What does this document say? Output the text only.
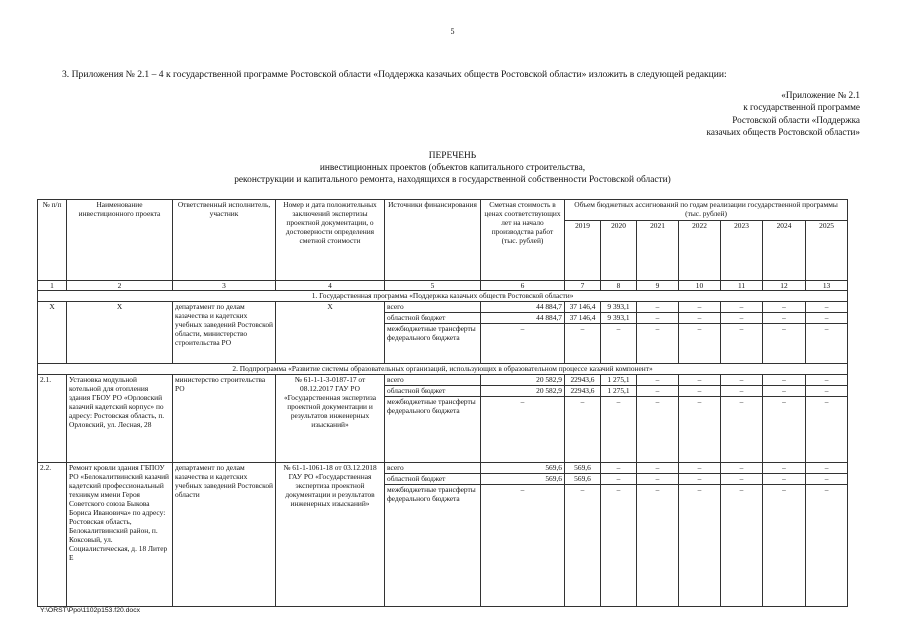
5
3. Приложения № 2.1 – 4 к государственной программе Ростовской области «Поддержка казачьих обществ Ростовской области» изложить в следующей редакции:
«Приложение № 2.1
к государственной программе
Ростовской области «Поддержка
казачьих обществ Ростовской области»
ПЕРЕЧЕНЬ
инвестиционных проектов (объектов капитального строительства,
реконструкции и капитального ремонта, находящихся в государственной собственности Ростовской области)
№ п/п	Наименование инвестиционного проекта	Ответственный исполнитель, участник	Номер и дата положительных заключений экспертизы проектной документации, о достоверности определения сметной стоимости	Источники финансирования	Сметная стоимость в ценах соответствующих лет на начало производства работ (тыс. рублей)	Объем бюджетных ассигнований по годам реализации государственной программы (тыс. рублей)						
						2019	2020	2021	2022	2023	2024	2025
1	2	3	4	5	6	7	8	9	10	11	12	13
1. Государственная программа «Поддержка казачьих обществ Ростовской области»												
Х	Х	департамент по делам казачества и кадетских учебных заведений Ростовской области, министерство строительства РО	Х	всего	44 884,7	37 146,4	9 393,1	–	–	–	–	–
				областной бюджет	44 884,7	37 146,4	9 393,1	–	–	–	–	–
				межбюджетные трансферты федерального бюджета	–	–	–	–	–	–	–	–
2. Подпрограмма «Развитие системы образовательных организаций, использующих в образовательном процессе казачий компонент»												
2.1.	Установка модульной котельной для отопления здания ГБОУ РО «Орловский казачий кадетский корпус» по адресу: Ростовская область, п. Орловский, ул. Лесная, 28	министерство строительства РО	№ 61-1-1-3-0187-17 от 08.12.2017 ГАУ РО «Государственная экспертиза проектной документации и результатов инженерных изысканий»	всего	20 582,9	22943,6	1 275,1	–	–	–	–	–
				областной бюджет	20 582,9	22943,6	1 275,1	–	–	–	–	–
				межбюджетные трансферты федерального бюджета	–	–	–	–	–	–	–	–
2.2.	Ремонт кровли здания ГБПОУ РО «Белокалитвинский казачий кадетский профессиональный техникум имени Героя Советского союза Быкова Бориса Ивановича» по адресу: Ростовская область, Белокалитвинский район, п. Коксовый, ул. Социалистическая, д. 18 Литер Е	департамент по делам казачества и кадетских учебных заведений Ростовской области	№ 61-1-1061-18 от 03.12.2018 ГАУ РО «Государственная экспертиза проектной документации и результатов инженерных изысканий»	всего	569,6	569,6	–	–	–	–	–	–
				областной бюджет	569,6	569,6	–	–	–	–	–	–
				межбюджетные трансферты федерального бюджета	–	–	–	–	–	–	–	–
Y:\ORST\Ppo\1102p153.f20.docx
